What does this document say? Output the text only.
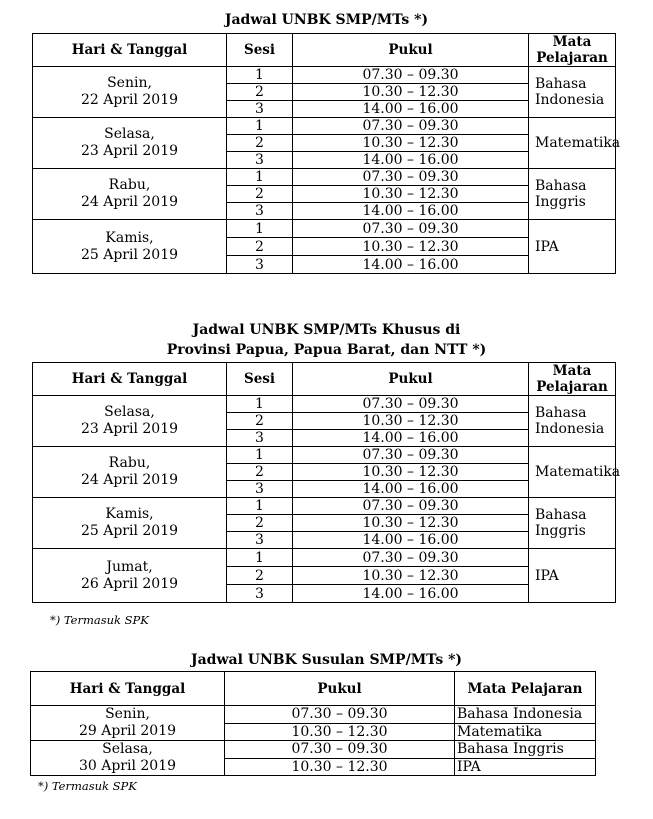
Jadwal UNBK SMP/MTs *)
Hari & Tanggal	Sesi	Pukul	Mata Pelajaran
Senin,
22 April 2019	1	07.30 – 09.30	Bahasa Indonesia
	2	10.30 – 12.30	
	3	14.00 – 16.00	
Selasa,
23 April 2019	1	07.30 – 09.30	Matematika
	2	10.30 – 12.30	
	3	14.00 – 16.00	
Rabu,
24 April 2019	1	07.30 – 09.30	Bahasa Inggris
	2	10.30 – 12.30	
	3	14.00 – 16.00	
Kamis,
25 April 2019	1	07.30 – 09.30	IPA
	2	10.30 – 12.30	
	3	14.00 – 16.00	
Jadwal UNBK SMP/MTs Khusus di
Provinsi Papua, Papua Barat, dan NTT *)
Hari & Tanggal	Sesi	Pukul	Mata Pelajaran
Selasa,
23 April 2019	1	07.30 – 09.30	Bahasa Indonesia
	2	10.30 – 12.30	
	3	14.00 – 16.00	
Rabu,
24 April 2019	1	07.30 – 09.30	Matematika
	2	10.30 – 12.30	
	3	14.00 – 16.00	
Kamis,
25 April 2019	1	07.30 – 09.30	Bahasa Inggris
	2	10.30 – 12.30	
	3	14.00 – 16.00	
Jumat,
26 April 2019	1	07.30 – 09.30	IPA
	2	10.30 – 12.30	
	3	14.00 – 16.00	
*) Termasuk SPK
Jadwal UNBK Susulan SMP/MTs *)
Hari & Tanggal	Pukul	Mata Pelajaran
Senin,
29 April 2019	07.30 – 09.30	Bahasa Indonesia
	10.30 – 12.30	Matematika
Selasa,
30 April 2019	07.30 – 09.30	Bahasa Inggris
	10.30 – 12.30	IPA
*) Termasuk SPK
